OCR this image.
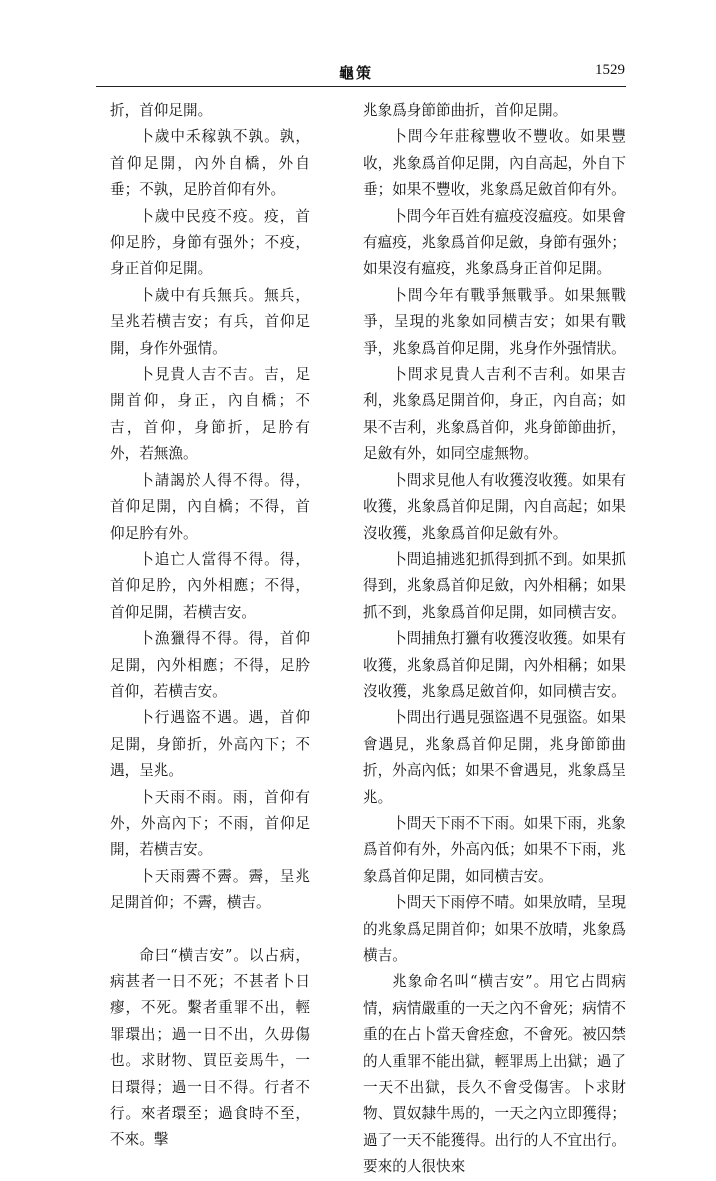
龜策	1529

折，首仰足開。

卜歲中禾稼孰不孰。孰，首仰足開，內外自橋，外自垂；不孰，足肣首仰有外。

卜歲中民疫不疫。疫，首仰足肣，身節有强外；不疫，身正首仰足開。

卜歲中有兵無兵。無兵，呈兆若横吉安；有兵，首仰足開，身作外强情。

卜見貴人吉不吉。吉，足開首仰，身正，內自橋；不吉，首仰，身節折，足肣有外，若無漁。

卜請謁於人得不得。得，首仰足開，內自橋；不得，首仰足肣有外。

卜追亡人當得不得。得，首仰足肣，內外相應；不得，首仰足開，若横吉安。

卜漁獵得不得。得，首仰足開，內外相應；不得，足肣首仰，若横吉安。

卜行遇盜不遇。遇，首仰足開，身節折，外高內下；不遇，呈兆。

卜天雨不雨。雨，首仰有外，外高內下；不雨，首仰足開，若横吉安。

卜天雨霽不霽。霽，呈兆足開首仰；不霽，横吉。

命曰“横吉安”。以占病，病甚者一日不死；不甚者卜日瘳，不死。繫者重罪不出，輕罪環出；過一日不出，久毋傷也。求財物、買臣妾馬牛，一日環得；過一日不得。行者不行。來者環至；過食時不至，不來。擊

兆象爲身節節曲折，首仰足開。

卜問今年莊稼豐收不豐收。如果豐收，兆象爲首仰足開，內自高起，外自下垂；如果不豐收，兆象爲足斂首仰有外。

卜問今年百姓有瘟疫沒瘟疫。如果會有瘟疫，兆象爲首仰足斂，身節有强外；如果沒有瘟疫，兆象爲身正首仰足開。

卜問今年有戰爭無戰爭。如果無戰爭，呈現的兆象如同横吉安；如果有戰爭，兆象爲首仰足開，兆身作外强情狀。

卜問求見貴人吉利不吉利。如果吉利，兆象爲足開首仰，身正，內自高；如果不吉利，兆象爲首仰，兆身節節曲折，足斂有外，如同空虚無物。

卜問求見他人有收獲沒收獲。如果有收獲，兆象爲首仰足開，內自高起；如果沒收獲，兆象爲首仰足斂有外。

卜問追捕逃犯抓得到抓不到。如果抓得到，兆象爲首仰足斂，內外相稱；如果抓不到，兆象爲首仰足開，如同横吉安。

卜問捕魚打獵有收獲沒收獲。如果有收獲，兆象爲首仰足開，內外相稱；如果沒收獲，兆象爲足斂首仰，如同横吉安。

卜問出行遇見强盜遇不見强盜。如果會遇見，兆象爲首仰足開，兆身節節曲折，外高內低；如果不會遇見，兆象爲呈兆。

卜問天下雨不下雨。如果下雨，兆象爲首仰有外，外高內低；如果不下雨，兆象爲首仰足開，如同横吉安。

卜問天下雨停不晴。如果放晴，呈現的兆象爲足開首仰；如果不放晴，兆象爲横吉。

兆象命名叫“横吉安”。用它占問病情，病情嚴重的一天之內不會死；病情不重的在占卜當天會痊愈，不會死。被囚禁的人重罪不能出獄，輕罪馬上出獄；過了一天不出獄，長久不會受傷害。卜求財物、買奴隸牛馬的，一天之內立即獲得；過了一天不能獲得。出行的人不宜出行。要來的人很快來
